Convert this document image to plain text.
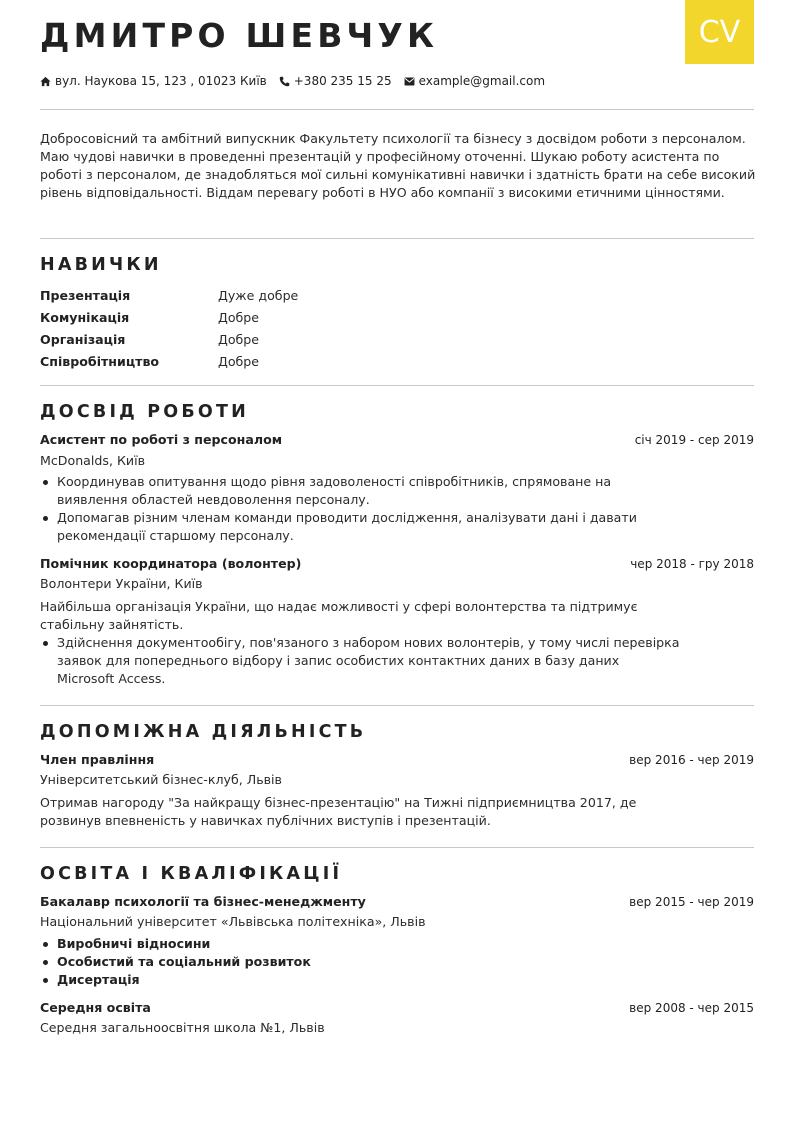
CV
ДМИТРО ШЕВЧУК
вул. Наукова 15, 123 , 01023 Київ +380 235 15 25 example@gmail.com

Добросовісний та амбітний випускник Факультету психології та бізнесу з досвідом роботи з персоналом. Маю чудові навички в проведенні презентацій у професійному оточенні. Шукаю роботу асистента по роботі з персоналом, де знадобляться мої сильні комунікативні навички і здатність брати на себе високий рівень відповідальності. Віддам перевагу роботі в НУО або компанії з високими етичними цінностями.

НАВИЧКИ
Презентація	Дуже добре
Комунікація	Добре
Організація	Добре
Співробітництво	Добре
ДОСВІД РОБОТИ
Асистент по роботі з персоналом	січ 2019 - сер 2019
McDonalds, Київ
Координував опитування щодо рівня задоволеності співробітників, спрямоване на виявлення областей невдоволення персоналу.
Допомагав різним членам команди проводити дослідження, аналізувати дані і давати рекомендації старшому персоналу.
Помічник координатора (волонтер)	чер 2018 - гру 2018
Волонтери України, Київ

Найбільша організація України, що надає можливості у сфері волонтерства та підтримує стабільну зайнятість.

Здійснення документообігу, пов'язаного з набором нових волонтерів, у тому числі перевірка заявок для попереднього відбору і запис особистих контактних даних в базу даних Microsoft Access.
ДОПОМІЖНА ДІЯЛЬНІСТЬ
Член правління	вер 2016 - чер 2019
Університетський бізнес-клуб, Львів

Отримав нагороду "За найкращу бізнес-презентацію" на Тижні підприємництва 2017, де розвинув впевненість у навичках публічних виступів і презентацій.

ОСВІТА І КВАЛІФІКАЦІЇ
Бакалавр психології та бізнес-менеджменту	вер 2015 - чер 2019
Національний університет «Львівська політехніка», Львів
Виробничі відносини
Особистий та соціальний розвиток
Дисертація
Середня освіта	вер 2008 - чер 2015
Середня загальноосвітня школа №1, Львів
